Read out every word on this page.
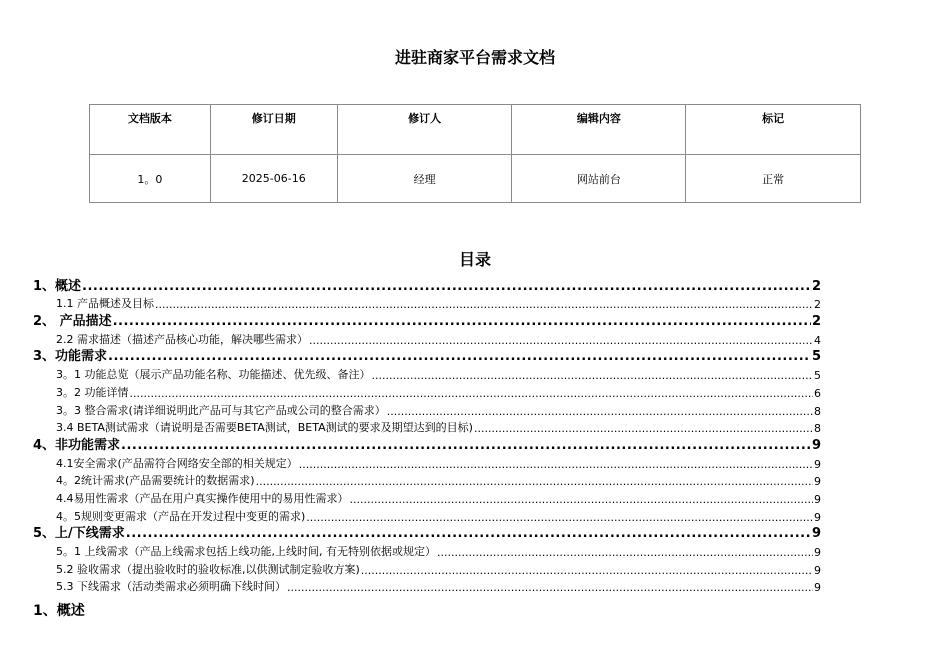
进驻商家平台需求文档
文档版本	修订日期	修订人	编辑内容	标记
1。0	2025-06-16	经理	网站前台	正常
目录
1、概述 .....	2
1.1 产品概述及目标 .....	2
2、 产品描述 .....	2
2.2 需求描述（描述产品核心功能，解决哪些需求） .....	4
3、功能需求 .....	5
3。1 功能总览（展示产品功能名称、功能描述、优先级、备注） .....	5
3。2 功能详情 .....	6
3。3 整合需求(请详细说明此产品可与其它产品或公司的整合需求） .....	8
3.4 BETA测试需求（请说明是否需要BETA测试，BETA测试的要求及期望达到的目标) .....	8
4、非功能需求 .....	9
4.1安全需求(产品需符合网络安全部的相关规定） .....	9
4。2统计需求(产品需要统计的数据需求) .....	9
4.4易用性需求（产品在用户真实操作使用中的易用性需求） .....	9
4。5规则变更需求（产品在开发过程中变更的需求) .....	9
5、上/下线需求 .....	9
5。1 上线需求（产品上线需求包括上线功能,上线时间, 有无特别依据或规定） .....	9
5.2 验收需求（提出验收时的验收标准,以供测试制定验收方案) .....	9
5.3 下线需求（活动类需求必须明确下线时间） .....	9
1、概述
